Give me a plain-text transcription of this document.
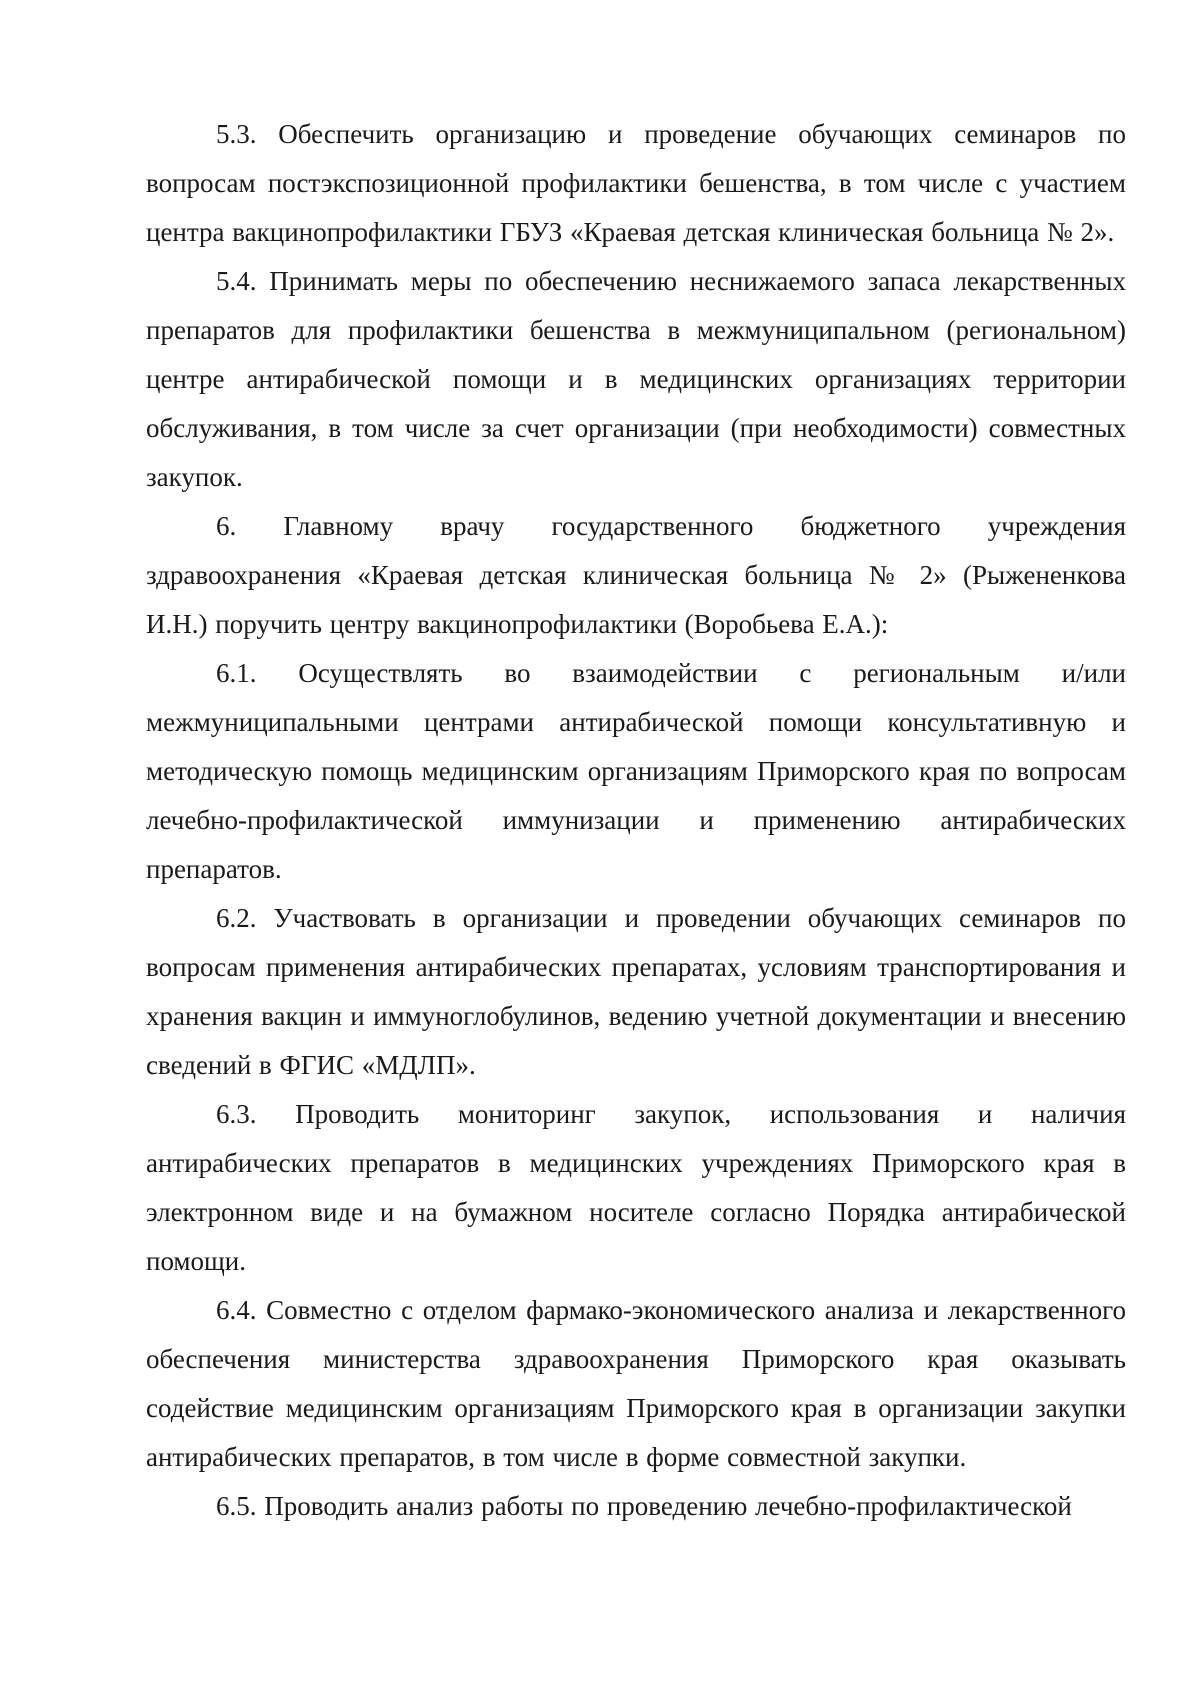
5.3. Обеспечить организацию и проведение обучающих семинаров по вопросам постэкспозиционной профилактики бешенства, в том числе с участием центра вакцинопрофилактики ГБУЗ «Краевая детская клиническая больница № 2».

5.4. Принимать меры по обеспечению неснижаемого запаса лекарственных препаратов для профилактики бешенства в межмуниципальном (региональном) центре антирабической помощи и в медицинских организациях территории обслуживания, в том числе за счет организации (при необходимости) совместных закупок.

6. Главному врачу государственного бюджетного учреждения здравоохранения «Краевая детская клиническая больница № 2» (Рыжененкова И.Н.) поручить центру вакцинопрофилактики (Воробьева Е.А.):

6.1. Осуществлять во взаимодействии с региональным и/или межмуниципальными центрами антирабической помощи консультативную и методическую помощь медицинским организациям Приморского края по вопросам лечебно-профилактической иммунизации и применению антирабических препаратов.

6.2. Участвовать в организации и проведении обучающих семинаров по вопросам применения антирабических препаратах, условиям транспортирования и хранения вакцин и иммуноглобулинов, ведению учетной документации и внесению сведений в ФГИС «МДЛП».

6.3. Проводить мониторинг закупок, использования и наличия антирабических препаратов в медицинских учреждениях Приморского края в электронном виде и на бумажном носителе согласно Порядка антирабической помощи.

6.4. Совместно с отделом фармако-экономического анализа и лекарственного обеспечения министерства здравоохранения Приморского края оказывать содействие медицинским организациям Приморского края в организации закупки антирабических препаратов, в том числе в форме совместной закупки.

6.5. Проводить анализ работы по проведению лечебно-профилактической
